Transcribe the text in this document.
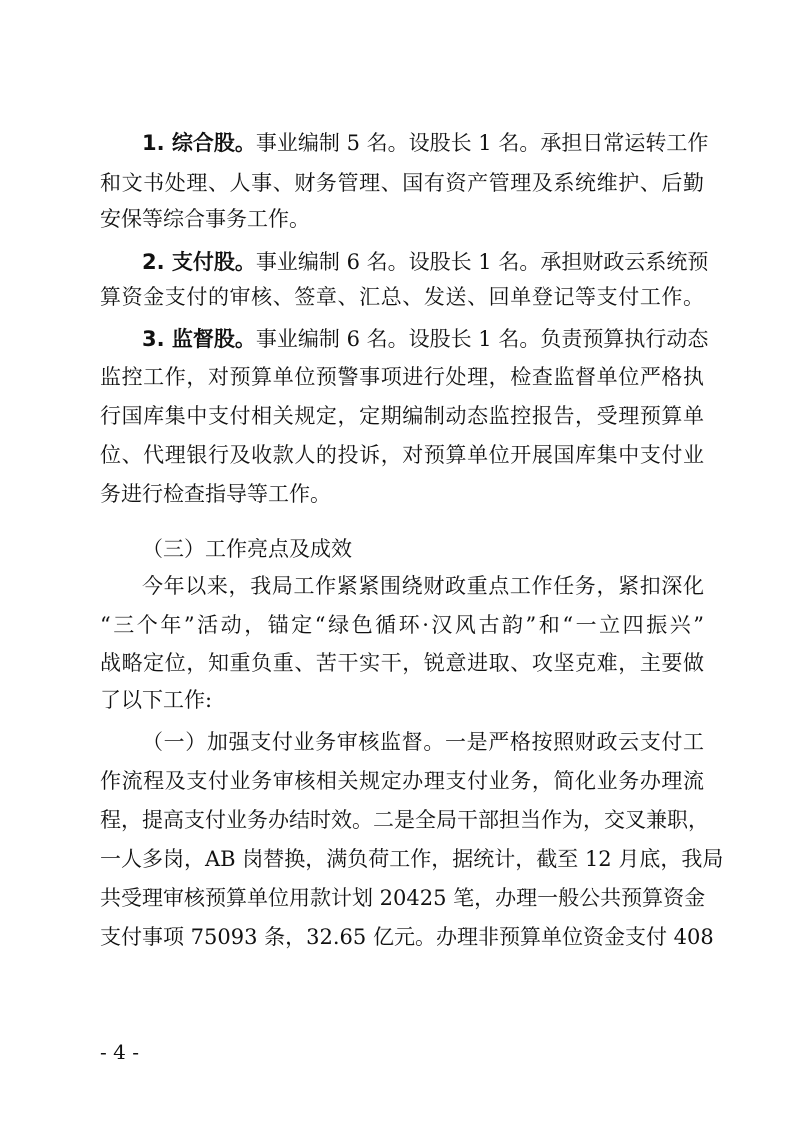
1. 综合股。事业编制 5 名。设股长 1 名。承担日常运转工作
和文书处理、人事、财务管理、国有资产管理及系统维护、后勤
安保等综合事务工作。
2. 支付股。事业编制 6 名。设股长 1 名。承担财政云系统预
算资金支付的审核、签章、汇总、发送、回单登记等支付工作。
3. 监督股。事业编制 6 名。设股长 1 名。负责预算执行动态
监控工作，对预算单位预警事项进行处理，检查监督单位严格执
行国库集中支付相关规定，定期编制动态监控报告，受理预算单
位、代理银行及收款人的投诉，对预算单位开展国库集中支付业
务进行检查指导等工作。
（三）工作亮点及成效
今年以来，我局工作紧紧围绕财政重点工作任务，紧扣深化
“三个年”活动，锚定“绿色循环·汉风古韵”和“一立四振兴”
战略定位，知重负重、苦干实干，锐意进取、攻坚克难，主要做
了以下工作:
（一）加强支付业务审核监督。一是严格按照财政云支付工
作流程及支付业务审核相关规定办理支付业务，简化业务办理流
程，提高支付业务办结时效。二是全局干部担当作为，交叉兼职，
一人多岗，AB 岗替换，满负荷工作，据统计，截至 12 月底，我局
共受理审核预算单位用款计划 20425 笔，办理一般公共预算资金
支付事项 75093 条，32.65 亿元。办理非预算单位资金支付 408
- 4 -
